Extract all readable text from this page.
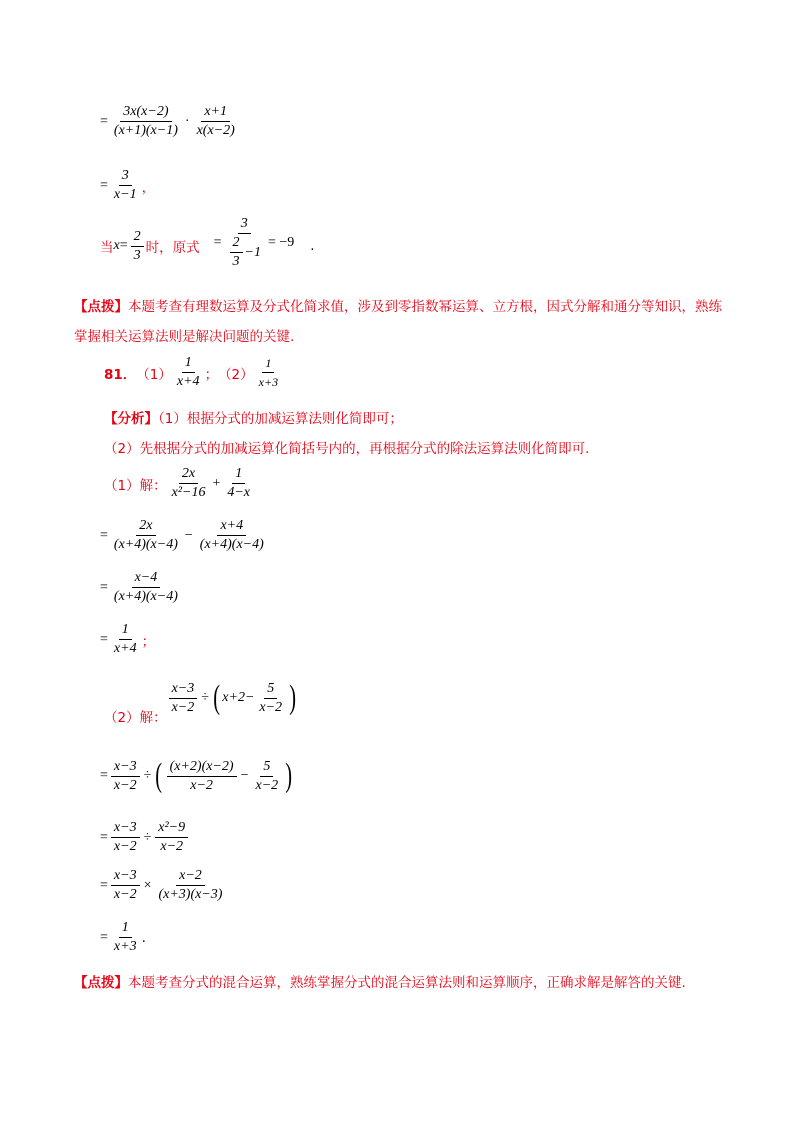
= $\frac{3x(x-2)}{(x+1)(x-1)} \cdot \frac{x+1}{x(x-2)}$
= $\frac{3}{x-1}$ ，
当 $x = \frac{2}{3}$ 时，原式 = $\frac{3}{\frac{2}{3} -1} = -9$ .
【点拨】本题考查有理数运算及分式化简求值，涉及到零指数幂运算、立方根，因式分解和通分等知识，熟练掌握相关运算法则是解决问题的关键.
81． $(1) \frac{1}{x+4}$ ； $(2) \frac{1}{x+3}$
【分析】（1）根据分式的加减运算法则化简即可；
（2）先根据分式的加减运算化简括号内的，再根据分式的除法运算法则化简即可.
（1）解： $\frac{2x}{\text{x²−16}} + \frac{1}{4-x}$
= $\frac{2x}{(x+4)(x-4)} - \frac{x+4}{(x+4)(x-4)}$
= $\frac{x-4}{(x+4)(x-4)}$
= $\frac{1}{x+4}$ ；
（2）解：
$\frac{x-3}{x-2}$ ÷ ( $x+2- \frac{5}{x-2}$ )
= $\frac{x-3}{x-2}$ ÷ ( $\frac{(x+2)(x-2)}{x-2} - \frac{5}{x-2}$ )
= $\frac{x-3}{x-2} \div \frac{\text{x²−9}}{x-2}$
= $\frac{x-3}{x-2} \times \frac{x-2}{(x+3)(x-3)}$
= $\frac{1}{x+3}$ .
【点拨】本题考查分式的混合运算，熟练掌握分式的混合运算法则和运算顺序，正确求解是解答的关键.
